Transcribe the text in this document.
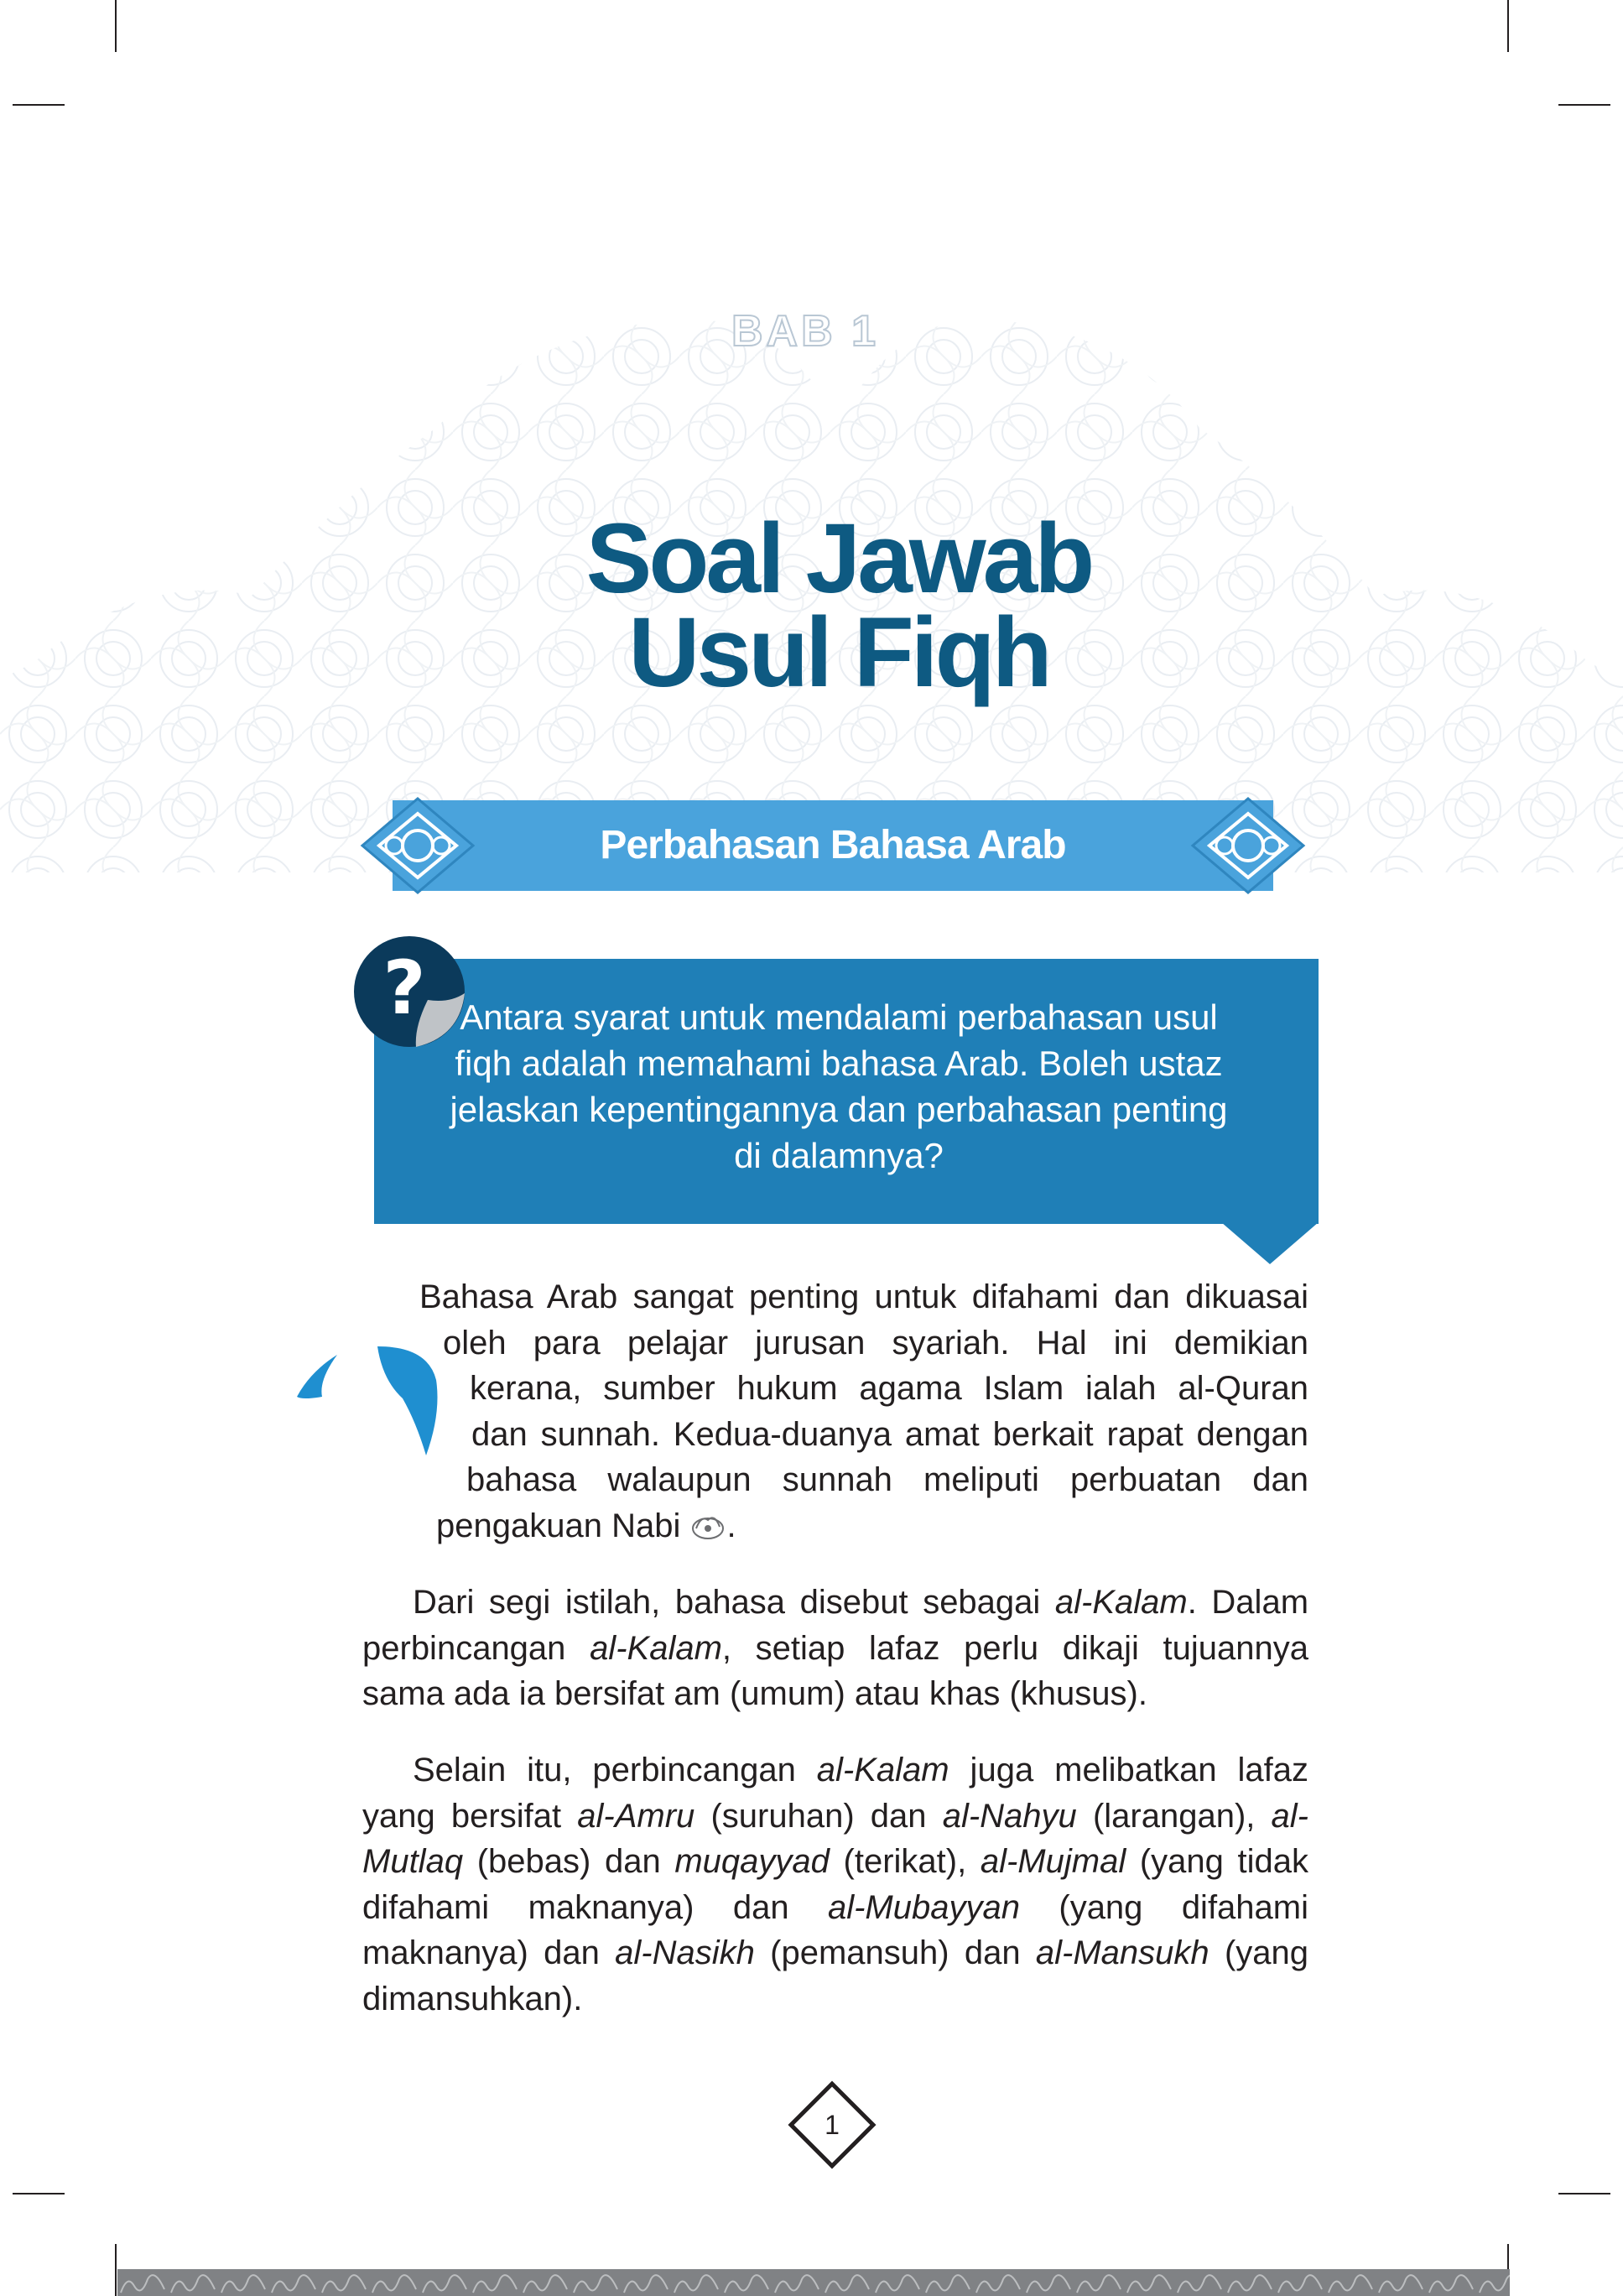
BAB 1
Soal Jawab
Usul Fiqh
Perbahasan Bahasa Arab
? Antara syarat untuk mendalami perbahasan usul fiqh adalah memahami bahasa Arab. Boleh ustaz jelaskan kepentingannya dan perbahasan penting di dalamnya?
Bahasa Arab sangat penting untuk difahami dan dikuasai
oleh para pelajar jurusan syariah. Hal ini demikian
kerana, sumber hukum agama Islam ialah al-Quran
dan sunnah. Kedua-duanya amat berkait rapat dengan
bahasa walaupun sunnah meliputi perbuatan dan
pengakuan Nabi .

Dari segi istilah, bahasa disebut sebagai al-Kalam. Dalam perbincangan al-Kalam, setiap lafaz perlu dikaji tujuannya sama ada ia bersifat am (umum) atau khas (khusus).

Selain itu, perbincangan al-Kalam juga melibatkan lafaz yang bersifat al-Amru (suruhan) dan al-Nahyu (larangan), al-Mutlaq (bebas) dan muqayyad (terikat), al-Mujmal (yang tidak difahami maknanya) dan al-Mubayyan (yang difahami maknanya) dan al-Nasikh (pemansuh) dan al-Mansukh (yang dimansuhkan).

1
